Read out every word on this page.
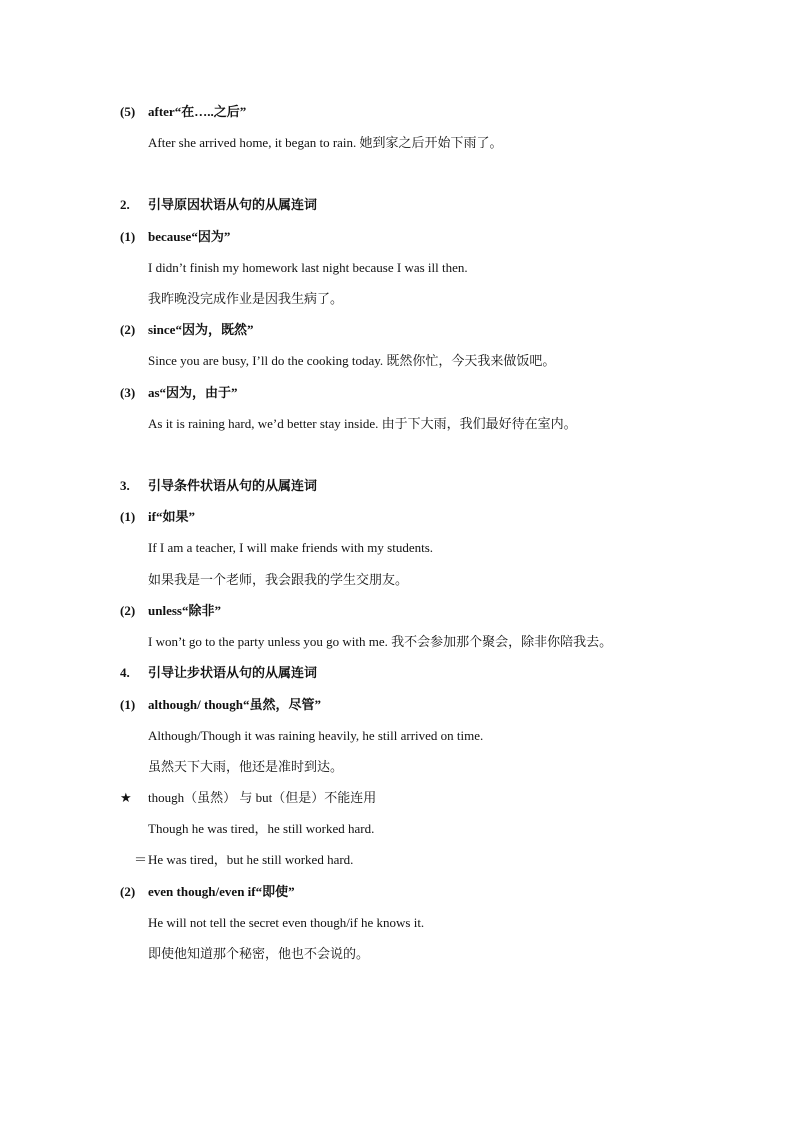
(5) after“在…..之后”
After she arrived home, it began to rain. 她到家之后开始下雨了。
2. 引导原因状语从句的从属连词
(1) because“因为”
I didn’t finish my homework last night because I was ill then.
我昨晚没完成作业是因我生病了。
(2) since“因为，既然”
Since you are busy, I’ll do the cooking today. 既然你忙，今天我来做饭吧。
(3) as“因为，由于”
As it is raining hard, we’d better stay inside. 由于下大雨，我们最好待在室内。
3. 引导条件状语从句的从属连词
(1) if“如果”
If I am a teacher, I will make friends with my students.
如果我是一个老师，我会跟我的学生交朋友。
(2) unless“除非”
I won’t go to the party unless you go with me. 我不会参加那个聚会，除非你陪我去。
4. 引导让步状语从句的从属连词
(1) although/ though“虽然，尽管”
Although/Though it was raining heavily, he still arrived on time.
虽然天下大雨，他还是准时到达。
★ though（虽然） 与 but（但是）不能连用
Though he was tired，he still worked hard.
＝ He was tired，but he still worked hard.
(2) even though/even if“即使”
He will not tell the secret even though/if he knows it.
即使他知道那个秘密，他也不会说的。
